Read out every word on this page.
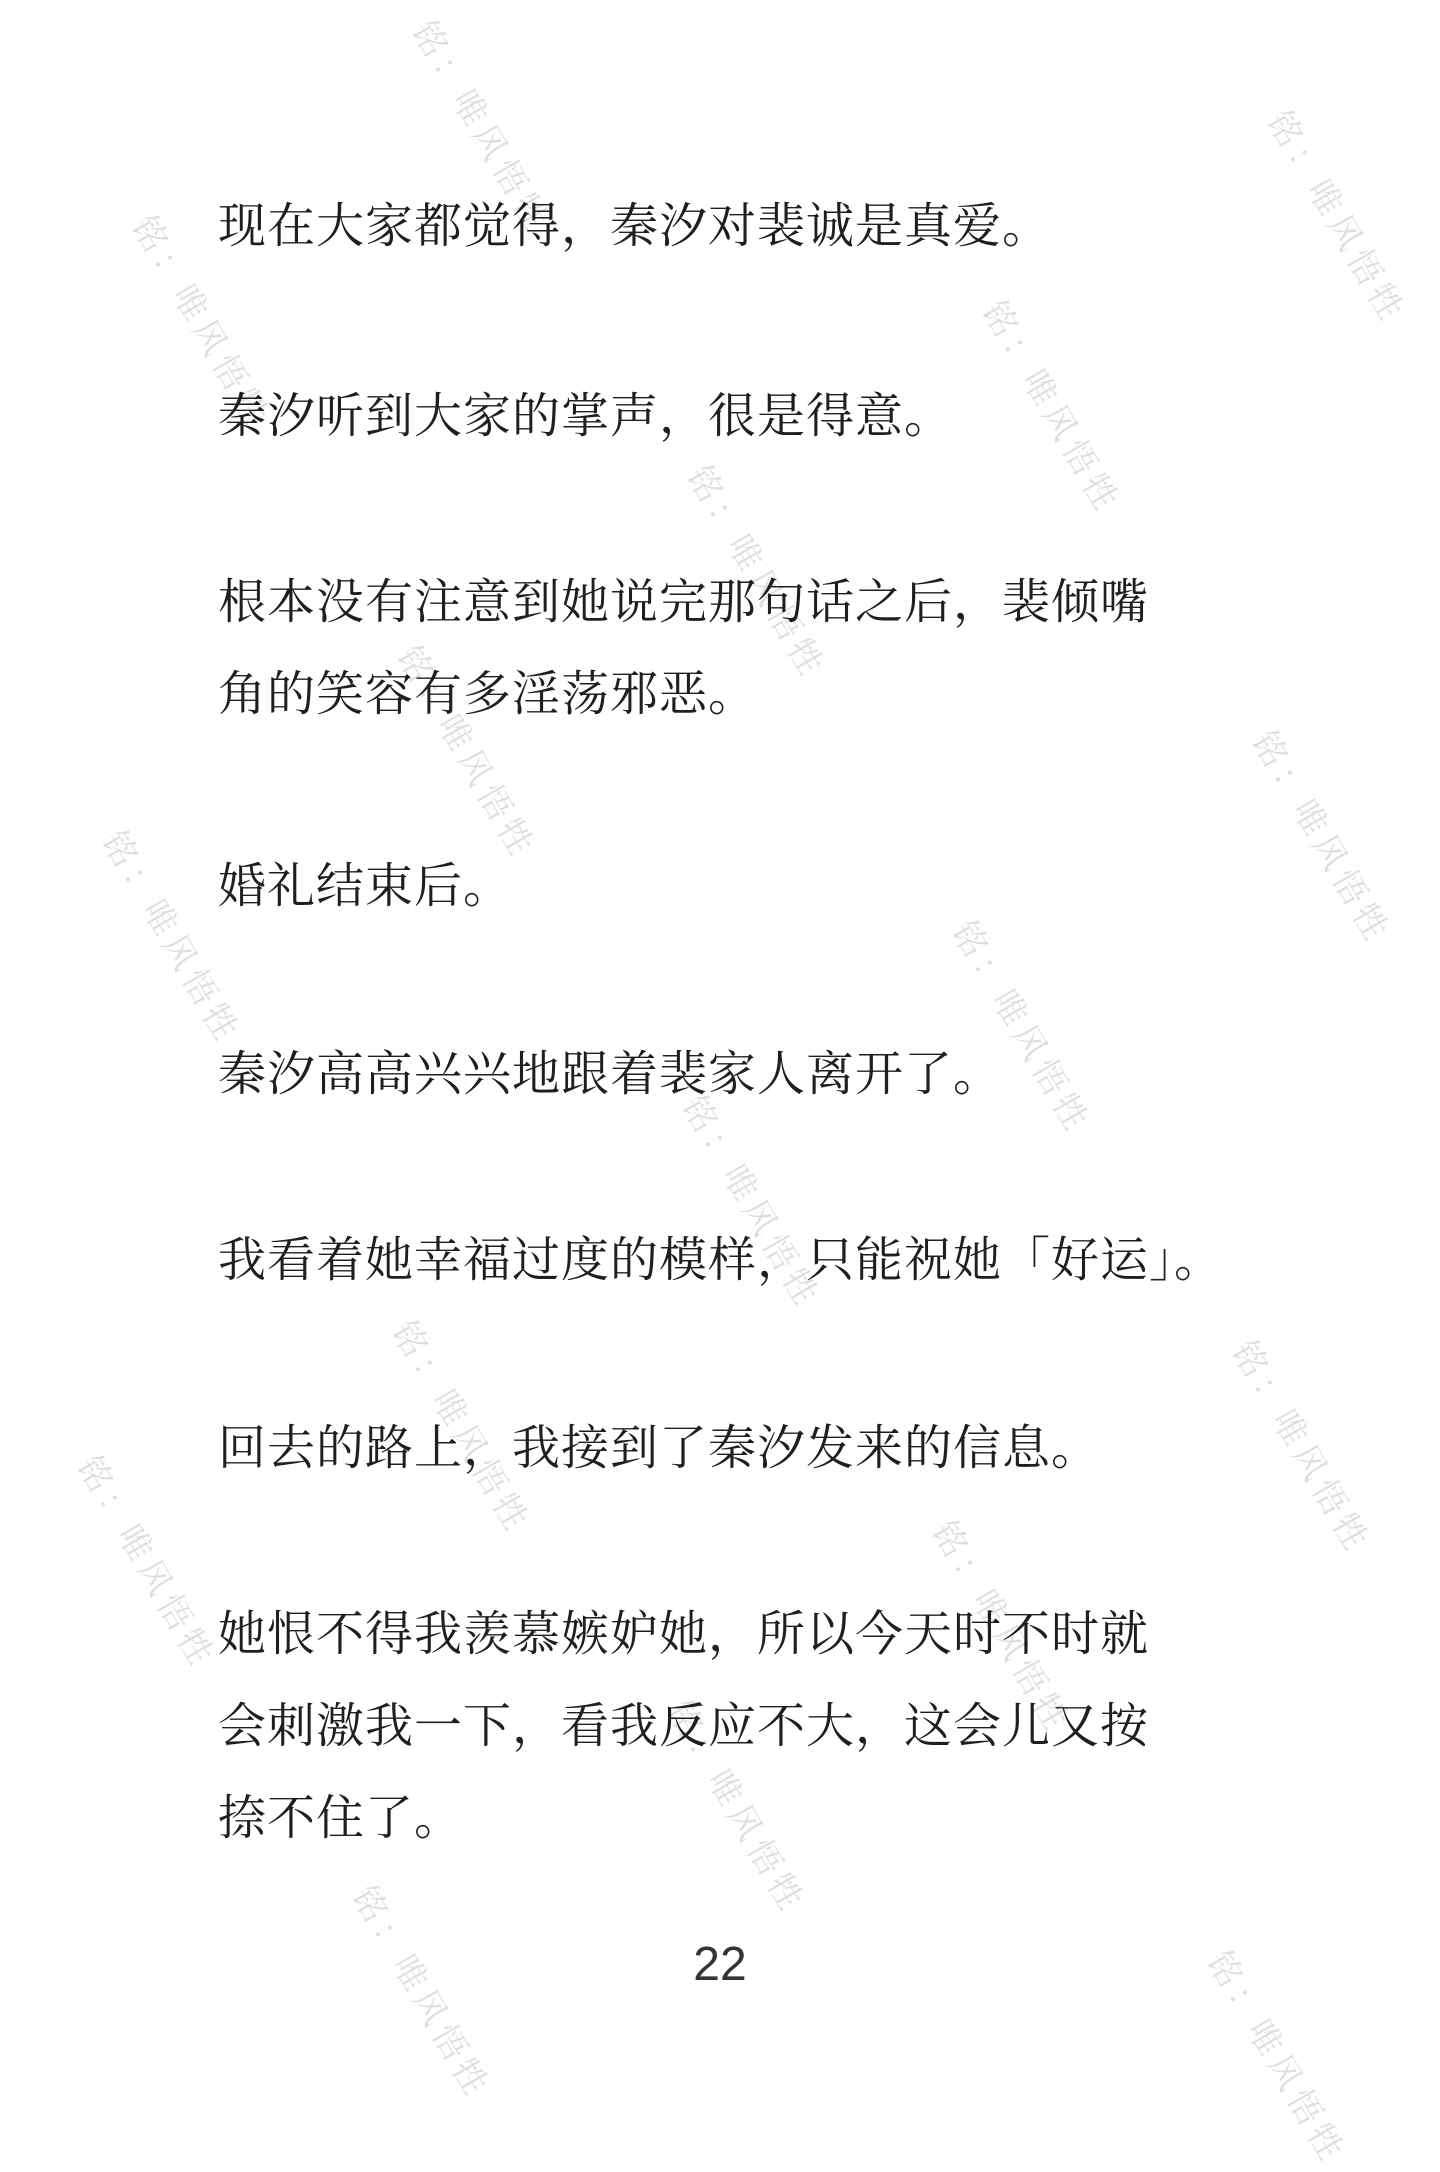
现在大家都觉得，秦汐对裴诚是真爱。

秦汐听到大家的掌声，很是得意。

根本没有注意到她说完那句话之后，裴倾嘴

角的笑容有多淫荡邪恶。

婚礼结束后。

秦汐高高兴兴地跟着裴家人离开了。

我看着她幸福过度的模样，只能祝她「好运」。

回去的路上，我接到了秦汐发来的信息。

她恨不得我羡慕嫉妒她，所以今天时不时就

会刺激我一下，看我反应不大，这会儿又按

捺不住了。

22
铭：唯风悟牲	铭：唯风悟牲
铭：唯风悟牲	铭：唯风悟牲
铭：唯风悟牲
铭：唯风悟牲	铭：唯风悟牲
铭：唯风悟牲	铭：唯风悟牲
铭：唯风悟牲
铭：唯风悟牲	铭：唯风悟牲
铭：唯风悟牲	铭：唯风悟牲
铭：唯风悟牲
铭：唯风悟牲	铭：唯风悟牲
